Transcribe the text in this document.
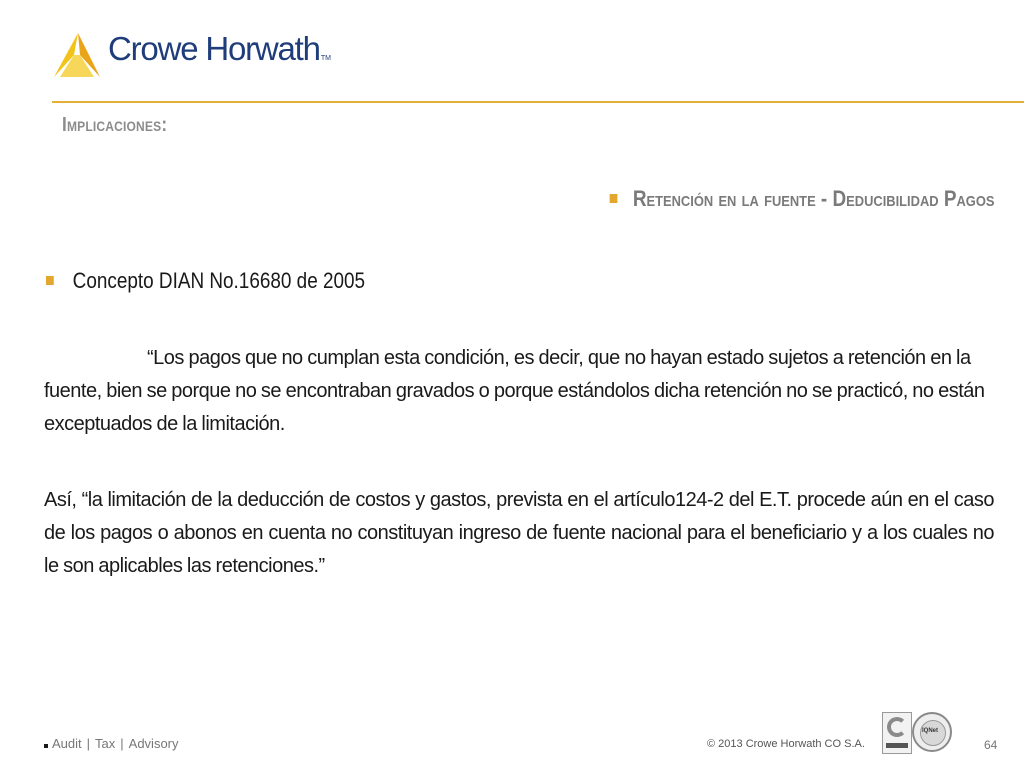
Crowe HorwathTM
Implicaciones:
Retención en la fuente - Deducibilidad Pagos
Concepto DIAN No.16680 de 2005
“Los pagos que no cumplan esta condición, es decir, que no hayan estado sujetos a retención en la fuente, bien se porque no se encontraban gravados o porque estándolos dicha retención no se practicó, no están exceptuados de la limitación.
Así, “la limitación de la deducción de costos y gastos, prevista en el artículo124-2 del E.T. procede aún en el caso de los pagos o abonos en cuenta no constituyan ingreso de fuente nacional para el beneficiario y a los cuales no le son aplicables las retenciones.”
Audit | Tax | Advisory	© 2013 Crowe Horwath CO S.A.
IQNet
64
